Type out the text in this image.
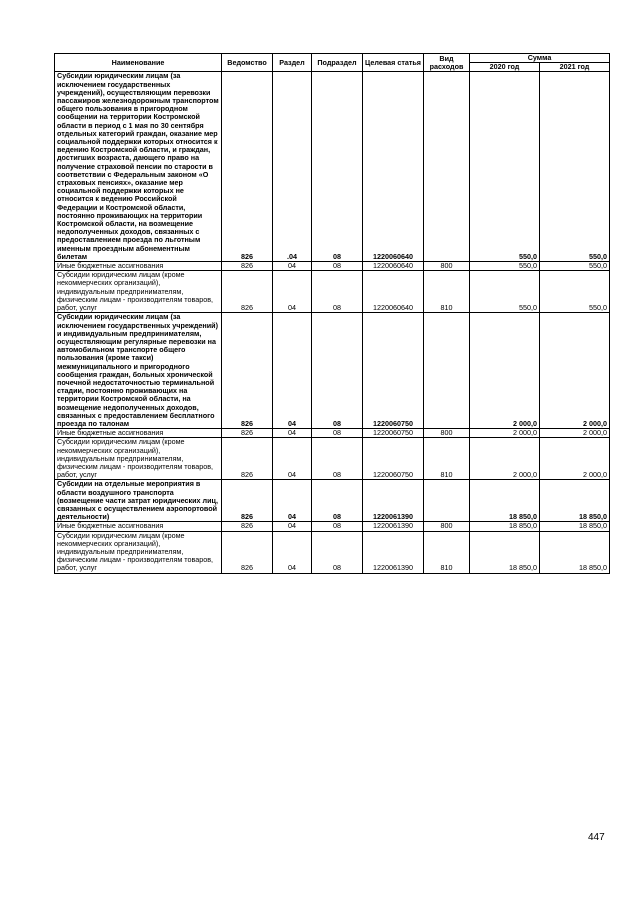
Наименование	Ведомство	Раздел	Подраздел	Целевая статья	Вид расходов	Сумма	
						2020 год	2021 год
Субсидии юридическим лицам (за исключением государственных учреждений), осуществляющим перевозки пассажиров железнодорожным транспортом общего пользования в пригородном сообщении на территории Костромской области в период с 1 мая по 30 сентября отдельных категорий граждан, оказание мер социальной поддержки которых относится к ведению Костромской области, и граждан, достигших возраста, дающего право на получение страховой пенсии по старости в соответствии с Федеральным законом «О страховых пенсиях», оказание мер социальной поддержки которых не относится к ведению Российской Федерации и Костромской области, постоянно проживающих на территории Костромской области, на возмещение недополученных доходов, связанных с предоставлением проезда по льготным именным проездным абонементным билетам	826	.04	08	1220060640		550,0	550,0
Иные бюджетные ассигнования	826	04	08	1220060640	800	550,0	550,0
Субсидии юридическим лицам (кроме некоммерческих организаций), индивидуальным предпринимателям, физическим лицам - производителям товаров, работ, услуг	826	04	08	1220060640	810	550,0	550,0
Субсидии юридическим лицам (за исключением государственных учреждений) и индивидуальным предпринимателям, осуществляющим регулярные перевозки на автомобильном транспорте общего пользования (кроме такси) межмуниципального и пригородного сообщения граждан, больных хронической почечной недостаточностью терминальной стадии, постоянно проживающих на территории Костромской области, на возмещение недополученных доходов, связанных с предоставлением бесплатного проезда по талонам	826	04	08	1220060750		2 000,0	2 000,0
Иные бюджетные ассигнования	826	04	08	1220060750	800	2 000,0	2 000,0
Субсидии юридическим лицам (кроме некоммерческих организаций), индивидуальным предпринимателям, физическим лицам - производителям товаров, работ, услуг	826	04	08	1220060750	810	2 000,0	2 000,0
Субсидии на отдельные мероприятия в области воздушного транспорта (возмещение части затрат юридических лиц, связанных с осуществлением аэропортовой деятельности)	826	04	08	1220061390		18 850,0	18 850,0
Иные бюджетные ассигнования	826	04	08	1220061390	800	18 850,0	18 850,0
Субсидии юридическим лицам (кроме некоммерческих организаций), индивидуальным предпринимателям, физическим лицам - производителям товаров, работ, услуг	826	04	08	1220061390	810	18 850,0	18 850,0
447
